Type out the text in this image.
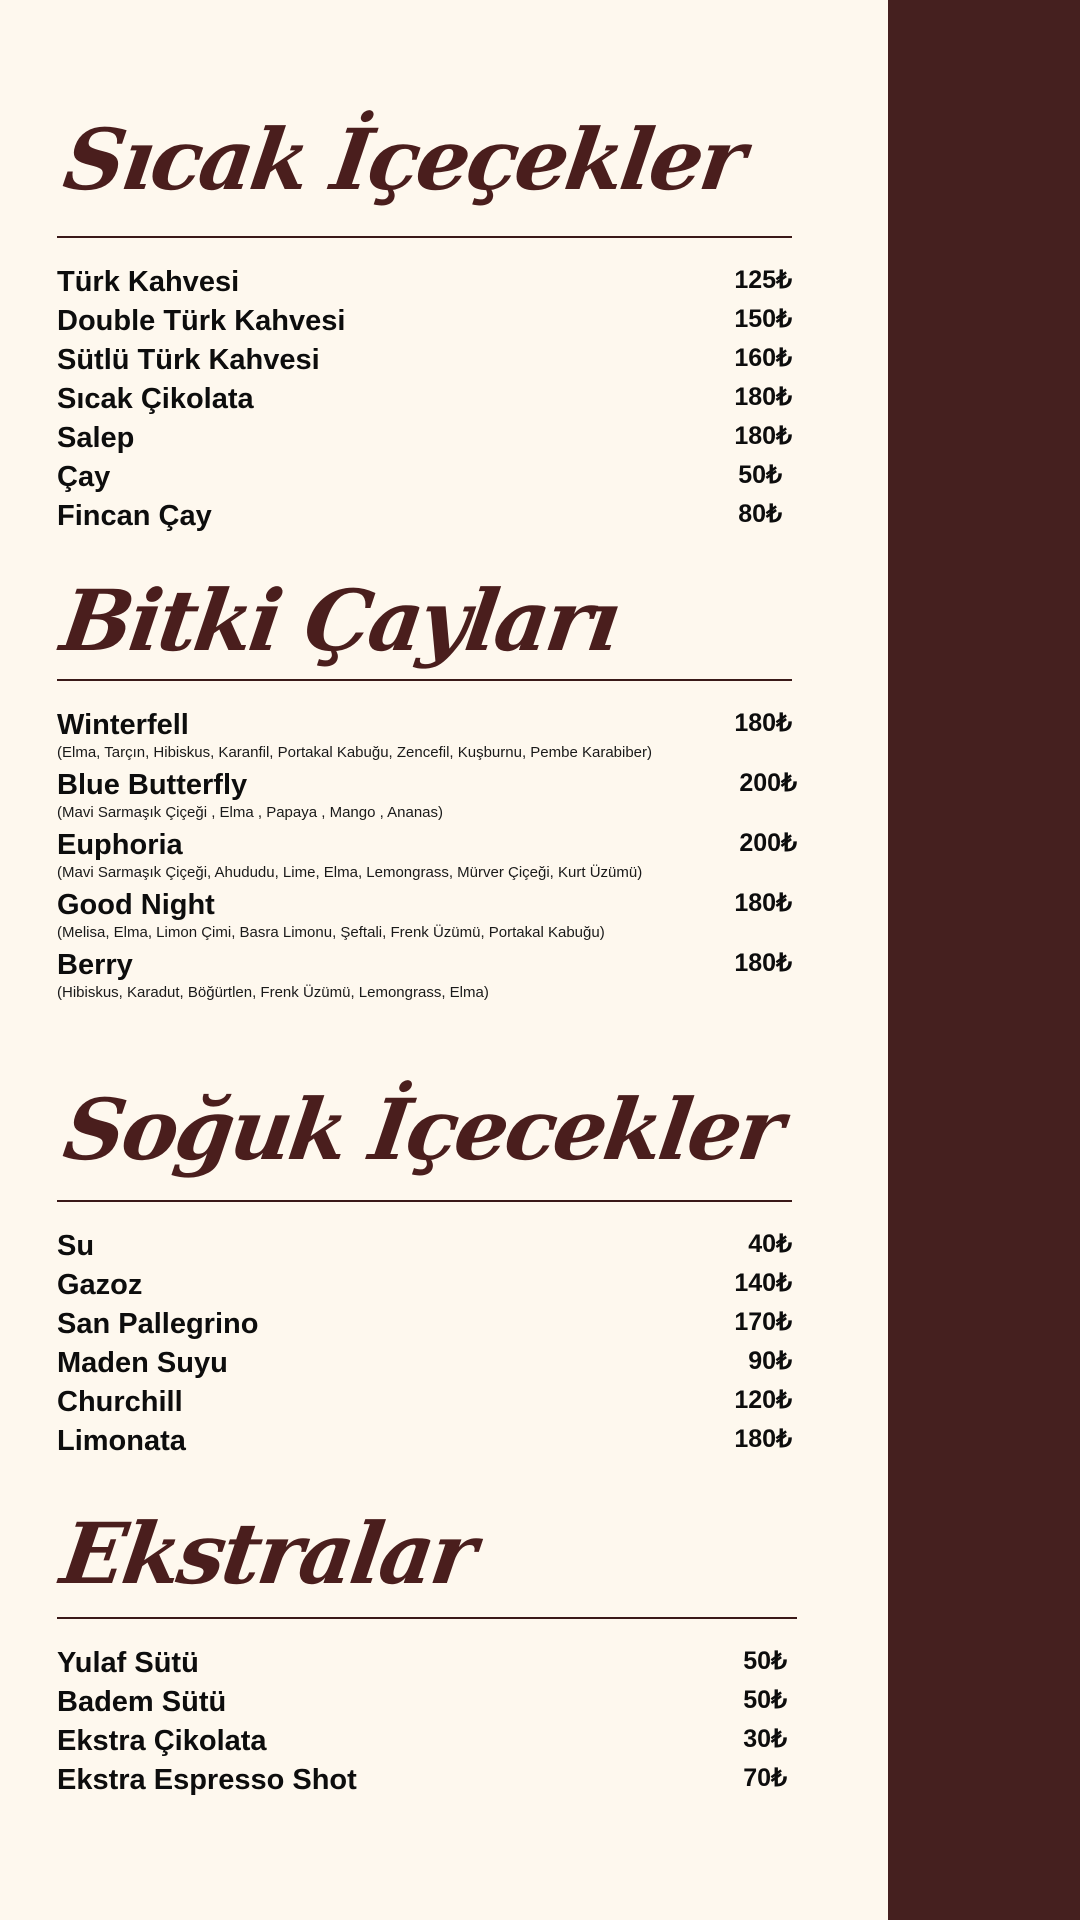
Sıcak İçeçekler
Türk Kahvesi	125₺
Double Türk Kahvesi	150₺
Sütlü Türk Kahvesi	160₺
Sıcak Çikolata	180₺
Salep	180₺
Çay	50₺
Fincan Çay	80₺
Bitki Çayları
Winterfell
(Elma, Tarçın, Hibiskus, Karanfil, Portakal Kabuğu, Zencefil, Kuşburnu, Pembe Karabiber)
180₺
Blue Butterfly
(Mavi Sarmaşık Çiçeği , Elma , Papaya , Mango , Ananas)
200₺
Euphoria
(Mavi Sarmaşık Çiçeği, Ahududu, Lime, Elma, Lemongrass, Mürver Çiçeği, Kurt Üzümü)
200₺
Good Night
(Melisa, Elma, Limon Çimi, Basra Limonu, Şeftali, Frenk Üzümü, Portakal Kabuğu)
180₺
Berry
(Hibiskus, Karadut, Böğürtlen, Frenk Üzümü, Lemongrass, Elma)
180₺
Soğuk İçecekler
Su	40₺
Gazoz	140₺
San Pallegrino	170₺
Maden Suyu	90₺
Churchill	120₺
Limonata	180₺
Ekstralar
Yulaf Sütü	50₺
Badem Sütü	50₺
Ekstra Çikolata	30₺
Ekstra Espresso Shot	70₺
